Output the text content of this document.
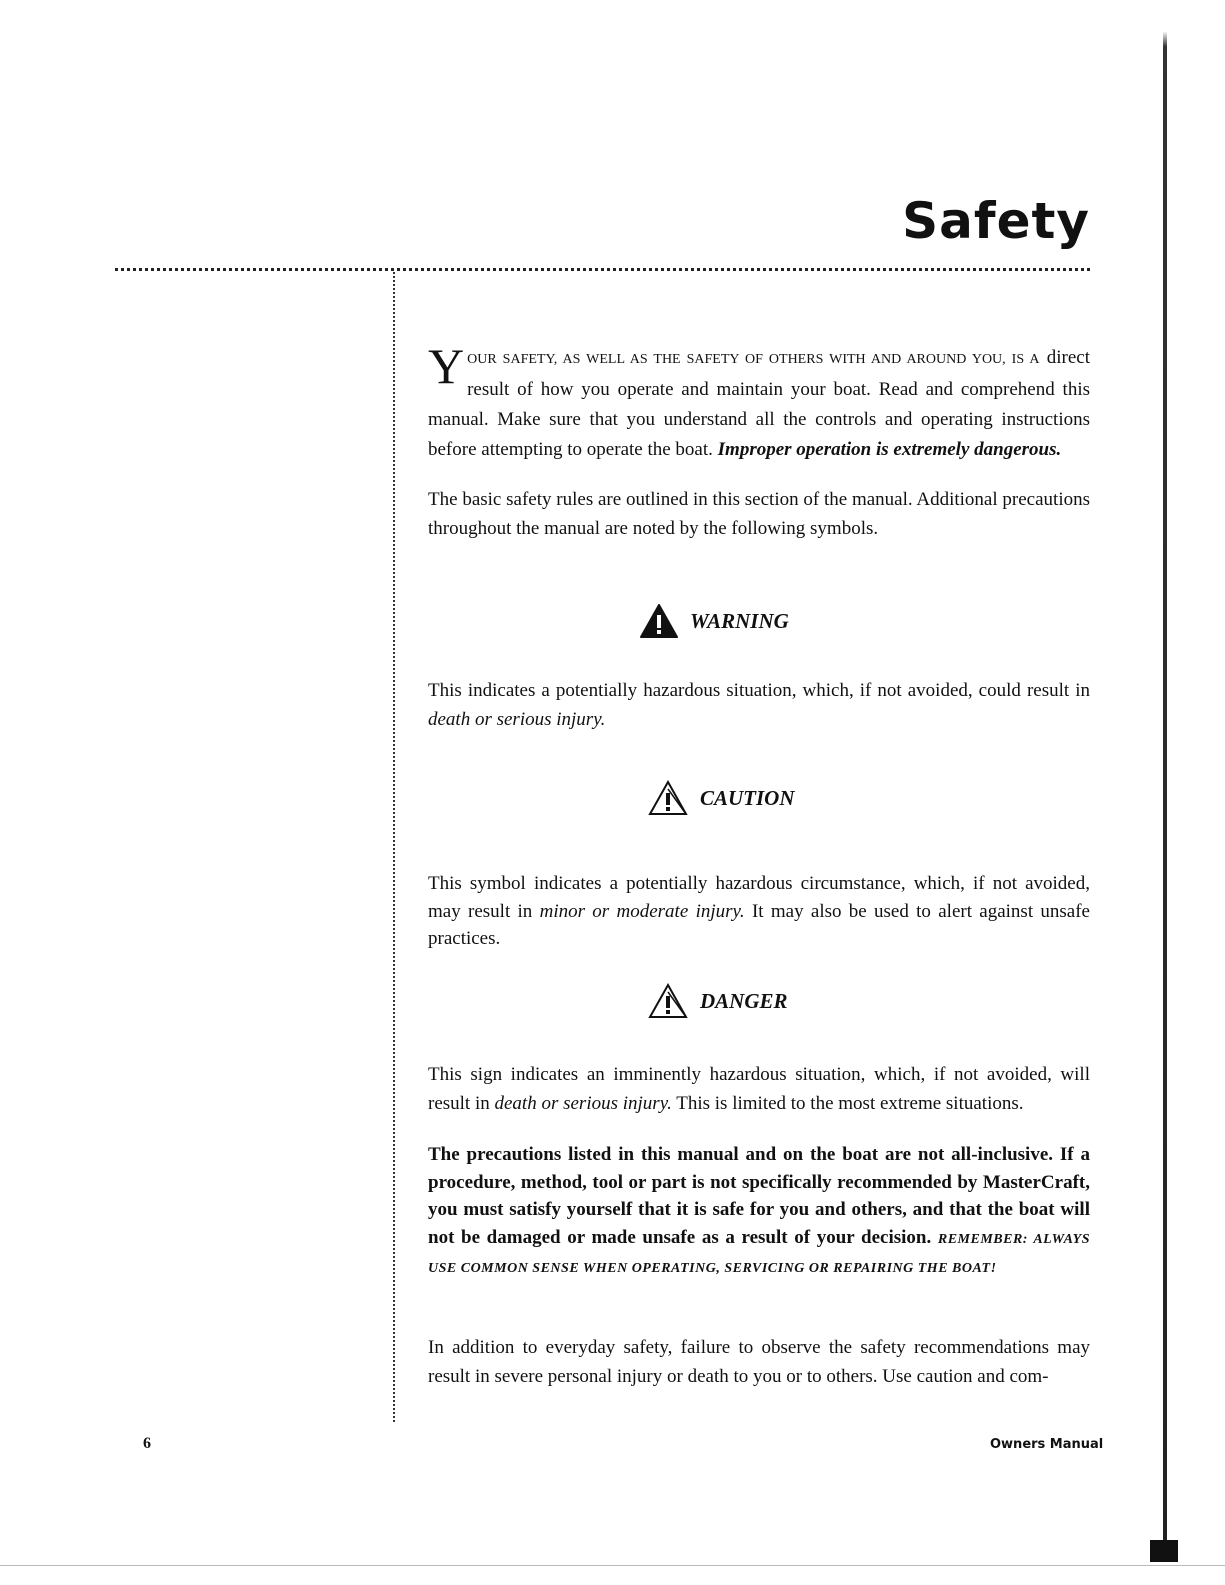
Safety
YOUR SAFETY, AS WELL AS THE SAFETY OF OTHERS WITH AND AROUND YOU, IS A direct result of how you operate and maintain your boat. Read and comprehend this manual. Make sure that you understand all the controls and operating instructions before attempting to operate the boat. Improper operation is extremely dangerous.
The basic safety rules are outlined in this section of the manual. Additional precautions throughout the manual are noted by the following symbols.
WARNING
This indicates a potentially hazardous situation, which, if not avoided, could result in death or serious injury.
CAUTION
This symbol indicates a potentially hazardous circumstance, which, if not avoided, may result in minor or moderate injury. It may also be used to alert against unsafe practices.
DANGER
This sign indicates an imminently hazardous situation, which, if not avoided, will result in death or serious injury. This is limited to the most extreme situations.
The precautions listed in this manual and on the boat are not all-inclusive. If a procedure, method, tool or part is not specifically recommended by MasterCraft, you must satisfy yourself that it is safe for you and others, and that the boat will not be damaged or made unsafe as a result of your decision. REMEMBER: ALWAYS USE COMMON SENSE WHEN OPERATING, SERVICING OR REPAIRING THE BOAT!
In addition to everyday safety, failure to observe the safety recommendations may result in severe personal injury or death to you or to others. Use caution and com-
6	Owners Manual
